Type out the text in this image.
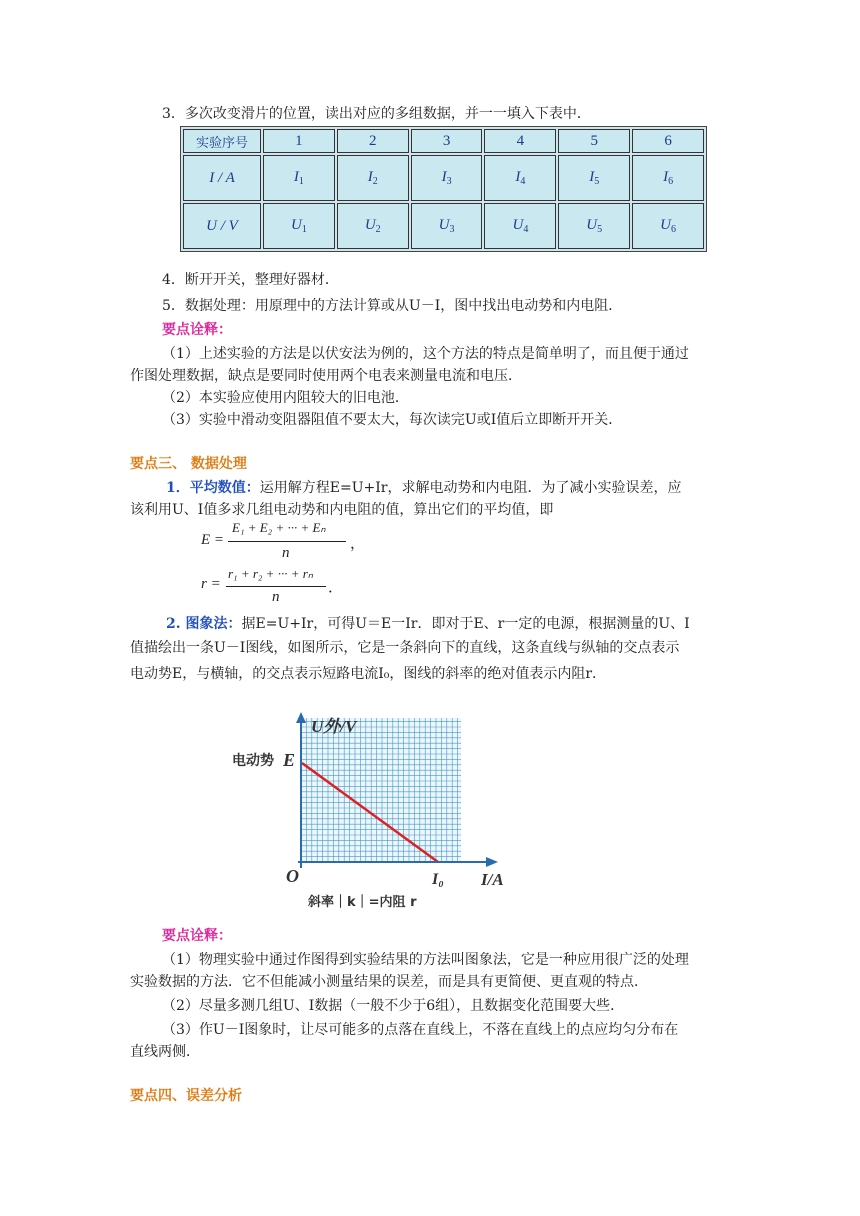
3．多次改变滑片的位置，读出对应的多组数据，并一一填入下表中．
实验序号	1	2	3	4	5	6
I / A	$I_1$	$I_2$	$I_3$	$I_4$	$I_5$	$I_6$
U / V	$U_1$	$U_2$	$U_3$	$U_4$	$U_5$	$U_6$
4．断开开关，整理好器材．
5．数据处理：用原理中的方法计算或从U－I，图中找出电动势和内电阻．
要点诠释：
（1）上述实验的方法是以伏安法为例的，这个方法的特点是简单明了，而且便于通过
作图处理数据，缺点是要同时使用两个电表来测量电流和电压．
（2）本实验应使用内阻较大的旧电池．
（3）实验中滑动变阻器阻值不要太大，每次读完U或I值后立即断开开关．
要点三、 数据处理
1．平均数值：运用解方程E=U+Ir，求解电动势和内电阻．为了减小实验误差，应
该利用U、I值多求几组电动势和内电阻的值，算出它们的平均值，即
E =
E₁ + E₂ + ··· + Eₙ
n
，
r =
r₁ + r₂ + ··· + rₙ
n
．
2. 图象法：据E=U+Ir，可得U＝E一Ir．即对于E、r一定的电源，根据测量的U、I
值描绘出一条U－I图线，如图所示，它是一条斜向下的直线，这条直线与纵轴的交点表示
电动势E，与横轴，的交点表示短路电流I₀，图线的斜率的绝对值表示内阻r．
U外/V
电动势 E
O	I₀ I/A
斜率｜k｜=内阻 r
要点诠释：
（1）物理实验中通过作图得到实验结果的方法叫图象法，它是一种应用很广泛的处理
实验数据的方法．它不但能减小测量结果的误差，而是具有更简便、更直观的特点．
（2）尽量多测几组U、I数据（一般不少于6组），且数据变化范围要大些．
（3）作U－I图象时，让尽可能多的点落在直线上，不落在直线上的点应均匀分布在
直线两侧．
要点四、误差分析
